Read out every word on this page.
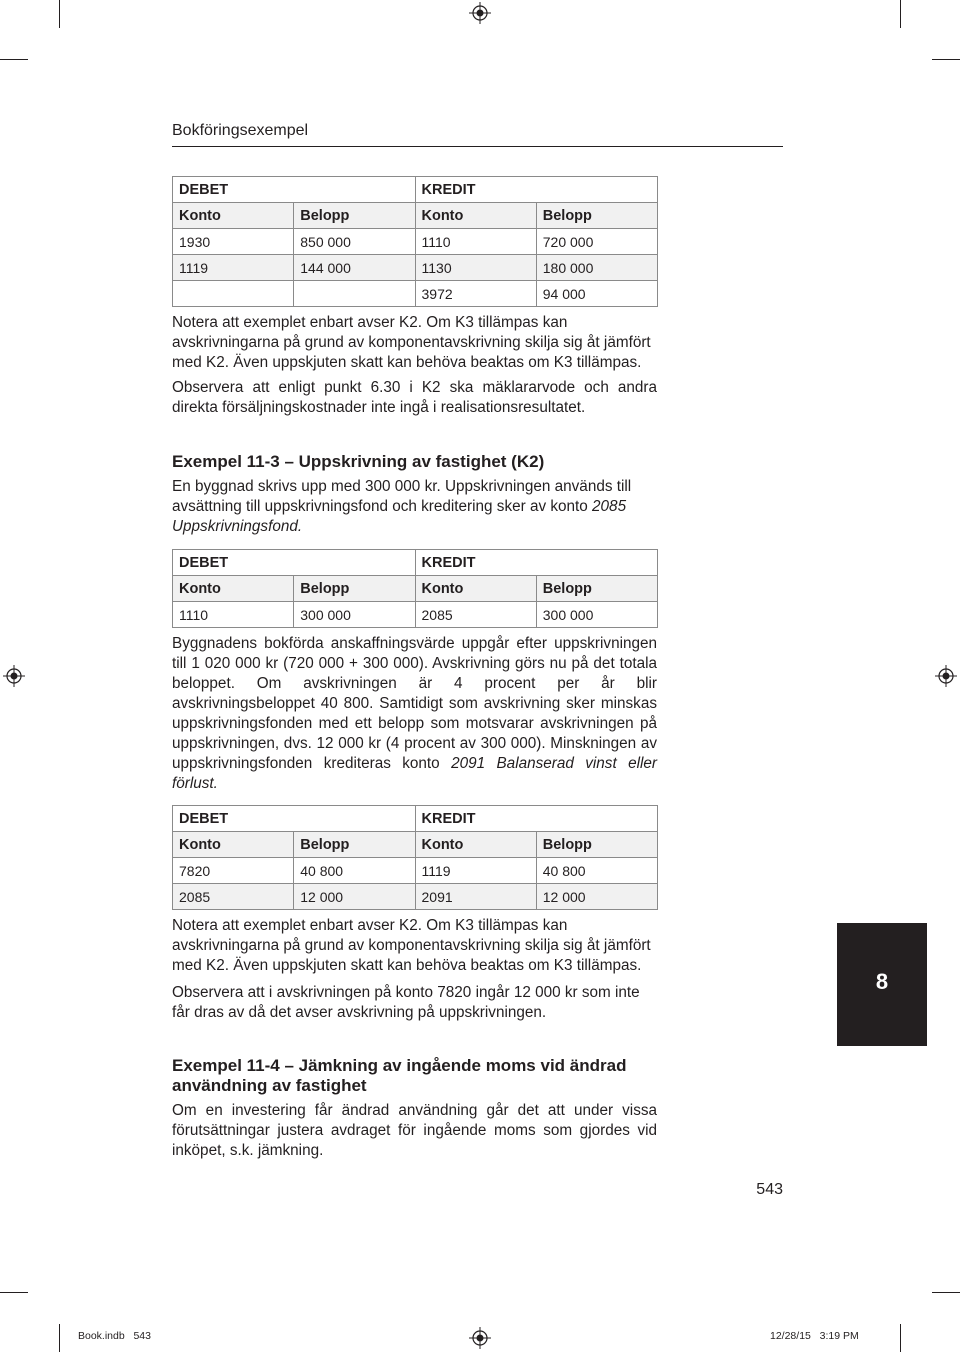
Bokföringsexempel
DEBET		KREDIT	
Konto	Belopp	Konto	Belopp
1930	850 000	1110	720 000
1119	144 000	1130	180 000
		3972	94 000

Notera att exemplet enbart avser K2. Om K3 tillämpas kan avskrivningarna på grund av komponentavskrivning skilja sig åt jämfört med K2. Även uppskjuten skatt kan behöva beaktas om K3 tillämpas.

Observera att enligt punkt 6.30 i K2 ska mäklararvode och andra direkta försäljningskostnader inte ingå i realisationsresultatet.

Exempel 11-3 – Uppskrivning av fastighet (K2)

En byggnad skrivs upp med 300 000 kr. Uppskrivningen används till avsättning till uppskrivningsfond och kreditering sker av konto 2085 Uppskrivningsfond.

DEBET		KREDIT	
Konto	Belopp	Konto	Belopp
1110	300 000	2085	300 000

Byggnadens bokförda anskaffningsvärde uppgår efter uppskrivningen till 1 020 000 kr (720 000 + 300 000). Avskrivning görs nu på det totala beloppet. Om avskrivningen är 4 procent per år blir avskrivningsbeloppet 40 800. Samtidigt som avskrivning sker minskas uppskrivningsfonden med ett belopp som motsvarar avskrivningen på uppskrivningen, dvs. 12 000 kr (4 procent av 300 000). Minskningen av uppskrivningsfonden krediteras konto 2091 Balanserad vinst eller förlust.

DEBET		KREDIT	
Konto	Belopp	Konto	Belopp
7820	40 800	1119	40 800
2085	12 000	2091	12 000

Notera att exemplet enbart avser K2. Om K3 tillämpas kan avskrivningarna på grund av komponentavskrivning skilja sig åt jämfört med K2. Även uppskjuten skatt kan behöva beaktas om K3 tillämpas.

Observera att i avskrivningen på konto 7820 ingår 12 000 kr som inte får dras av då det avser avskrivning på uppskrivningen.

Exempel 11-4 – Jämkning av ingående moms vid ändrad användning av fastighet

Om en investering får ändrad användning går det att under vissa förutsättningar justera avdraget för ingående moms som gjordes vid inköpet, s.k. jämkning.

8
543
Book.indb   543	12/28/15   3:19 PM
